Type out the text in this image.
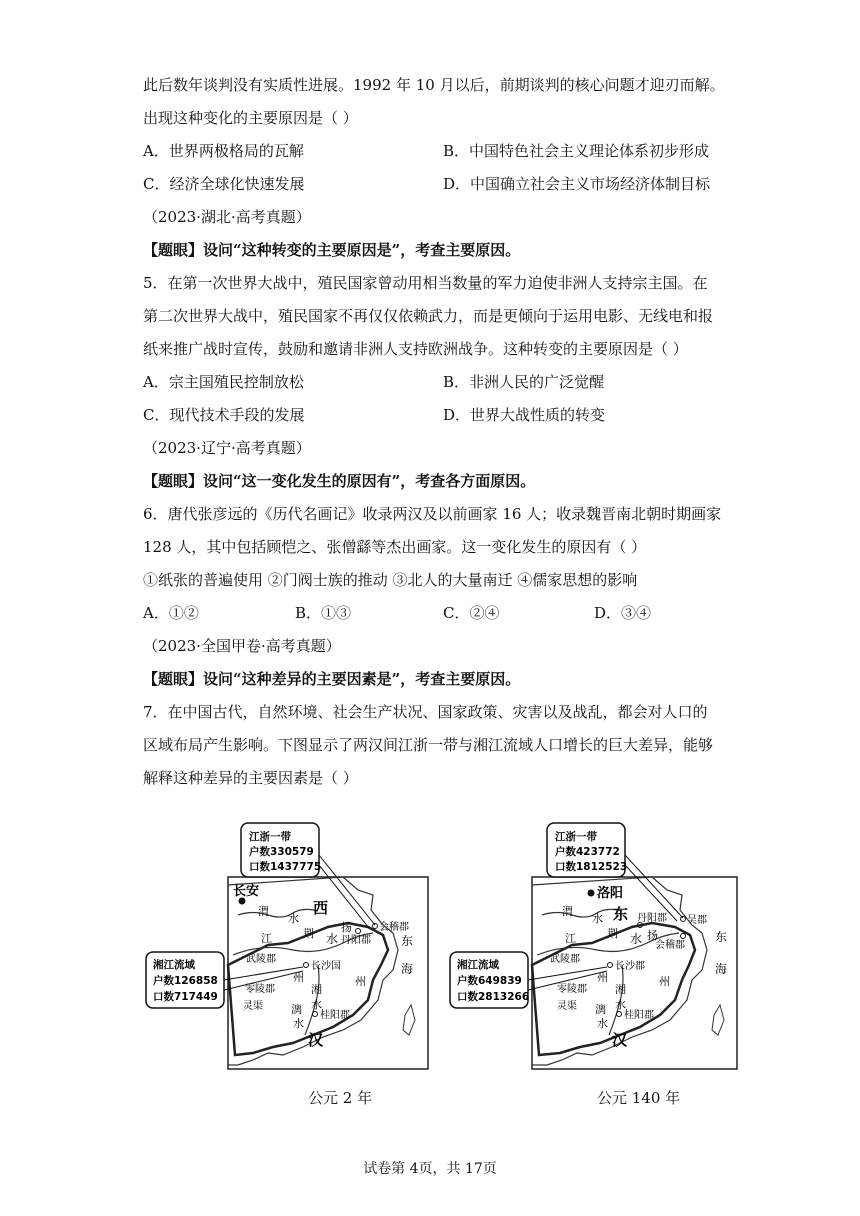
此后数年谈判没有实质性进展。1992 年 10 月以后，前期谈判的核心问题才迎刃而解。
出现这种变化的主要原因是（ ）
A．世界两极格局的瓦解	B．中国特色社会主义理论体系初步形成
C．经济全球化快速发展	D．中国确立社会主义市场经济体制目标
（2023·湖北·高考真题）
【题眼】设问“这种转变的主要原因是”，考查主要原因。
5．在第一次世界大战中，殖民国家曾动用相当数量的军力迫使非洲人支持宗主国。在
第二次世界大战中，殖民国家不再仅仅依赖武力，而是更倾向于运用电影、无线电和报
纸来推广战时宣传，鼓励和邀请非洲人支持欧洲战争。这种转变的主要原因是（ ）
A．宗主国殖民控制放松	B．非洲人民的广泛觉醒
C．现代技术手段的发展	D．世界大战性质的转变
（2023·辽宁·高考真题）
【题眼】设问“这一变化发生的原因有”，考查各方面原因。
6．唐代张彦远的《历代名画记》收录两汉及以前画家 16 人；收录魏晋南北朝时期画家
128 人，其中包括顾恺之、张僧繇等杰出画家。这一变化发生的原因有（ ）
①纸张的普遍使用 ②门阀士族的推动 ③北人的大量南迁 ④儒家思想的影响
A．①②	B．①③	C．②④	D．③④
（2023·全国甲卷·高考真题）
【题眼】设问“这种差异的主要因素是”，考查主要原因。
7．在中国古代，自然环境、社会生产状况、国家政策、灾害以及战乱，都会对人口的
区域布局产生影响。下图显示了两汉间江浙一带与湘江流域人口增长的巨大差异，能够
解释这种差异的主要因素是（ ）
长安
西
汉
渭
水
荆
江	水
扬
州	州
湘
水
漓
水
东
海
会稽郡
丹阳郡
武陵郡
长沙国
零陵郡
桂阳郡
灵渠
江浙一带
户数330579
口数1437775
湘江流域
户数126858
口数717449
公元 2 年
洛阳
东
汉
渭
水
荆
江	水 扬
州	州
湘
水
漓
水
东
海
吴郡
会稽郡
丹阳郡
武陵郡
长沙郡
零陵郡
桂阳郡
灵渠
江浙一带
户数423772
口数1812523
湘江流域
户数649839
口数2813266
公元 140 年
试卷第 4页，共 17页
